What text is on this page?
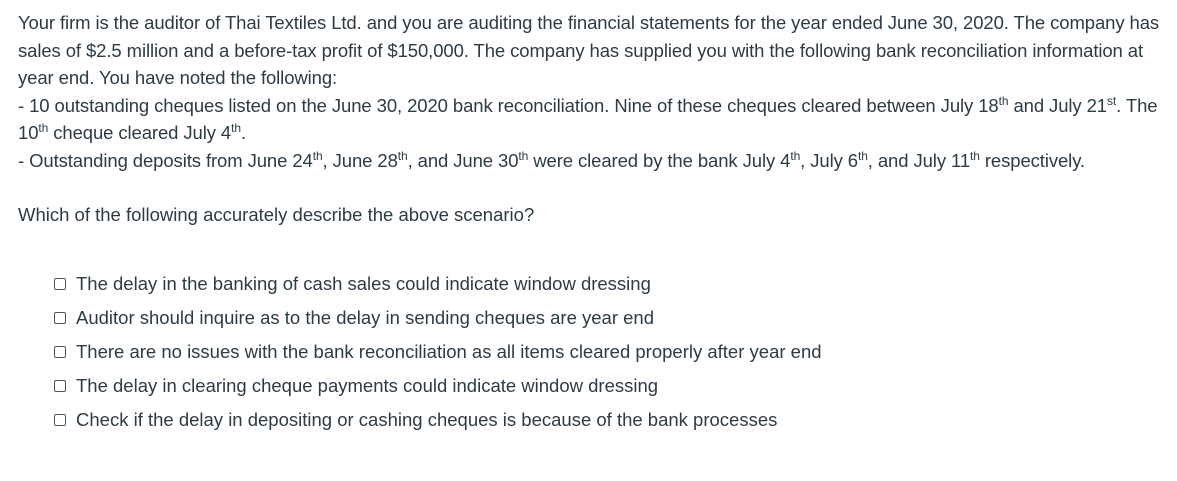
Your firm is the auditor of Thai Textiles Ltd. and you are auditing the financial statements for the year ended June 30, 2020. The company has sales of $2.5 million and a before-tax profit of $150,000. The company has supplied you with the following bank reconciliation information at year end. You have noted the following:

- 10 outstanding cheques listed on the June 30, 2020 bank reconciliation. Nine of these cheques cleared between July 18th and July 21st. The 10th cheque cleared July 4th.

- Outstanding deposits from June 24th, June 28th, and June 30th were cleared by the bank July 4th, July 6th, and July 11th respectively.

Which of the following accurately describe the above scenario?
The delay in the banking of cash sales could indicate window dressing
Auditor should inquire as to the delay in sending cheques are year end
There are no issues with the bank reconciliation as all items cleared properly after year end
The delay in clearing cheque payments could indicate window dressing
Check if the delay in depositing or cashing cheques is because of the bank processes
